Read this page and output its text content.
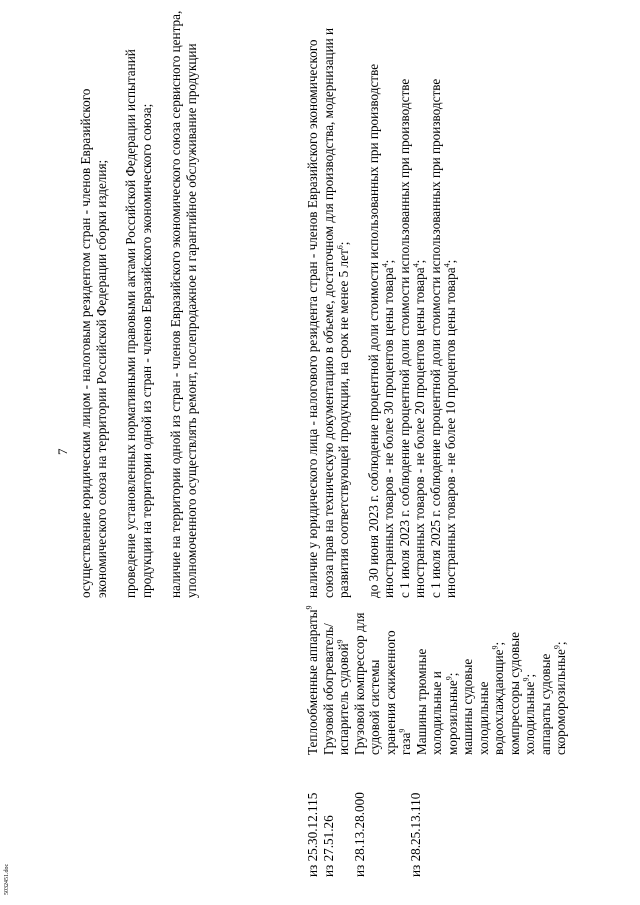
7 осуществление юридическим лицом - налоговым резидентом стран - членов Евразийского экономического союза на территории Российской Федерации сборки изделия; проведение установленных нормативными правовыми актами Российской Федерации испытаний продукции на территории одной из стран - членов Евразийского экономического союза; наличие на территории одной из стран - членов Евразийского экономического союза сервисного центра, уполномоченного осуществлять ремонт, послепродажное и гарантийное обслуживание продукции

из 25.30.12.115 из 27.51.26 из 28.13.28.000	из 28.25.13.110

Теплообменные аппараты$^9$

Грузовой обогреватель/испаритель судовой$^9$ Грузовой компрессор для судовой системы хранения сжиженного газа$^9$ Машины трюмные холодильные и морозильные$^9$; машины судовые холодильные водоохлаждающие$^9$; компрессоры судовые холодильные$^9$; аппараты судовые скороморозильные$^9$;

наличие у юридического лица - налогового резидента стран - членов Евразийского экономического союза прав на техническую документацию в объеме, достаточном для производства, модернизации и развития соответствующей продукции, на срок не менее 5 лет$^6$; до 30 июня 2023 г. соблюдение процентной доли стоимости использованных при производстве иностранных товаров - не более 30 процентов цены товара$^4$; с 1 июля 2023 г. соблюдение процентной доли стоимости использованных при производстве иностранных товаров - не более 20 процентов цены товара$^4$; с 1 июля 2025 г. соблюдение процентной доли стоимости использованных при производстве иностранных товаров - не более 10 процентов цены товара$^4$;

5032451.doc
